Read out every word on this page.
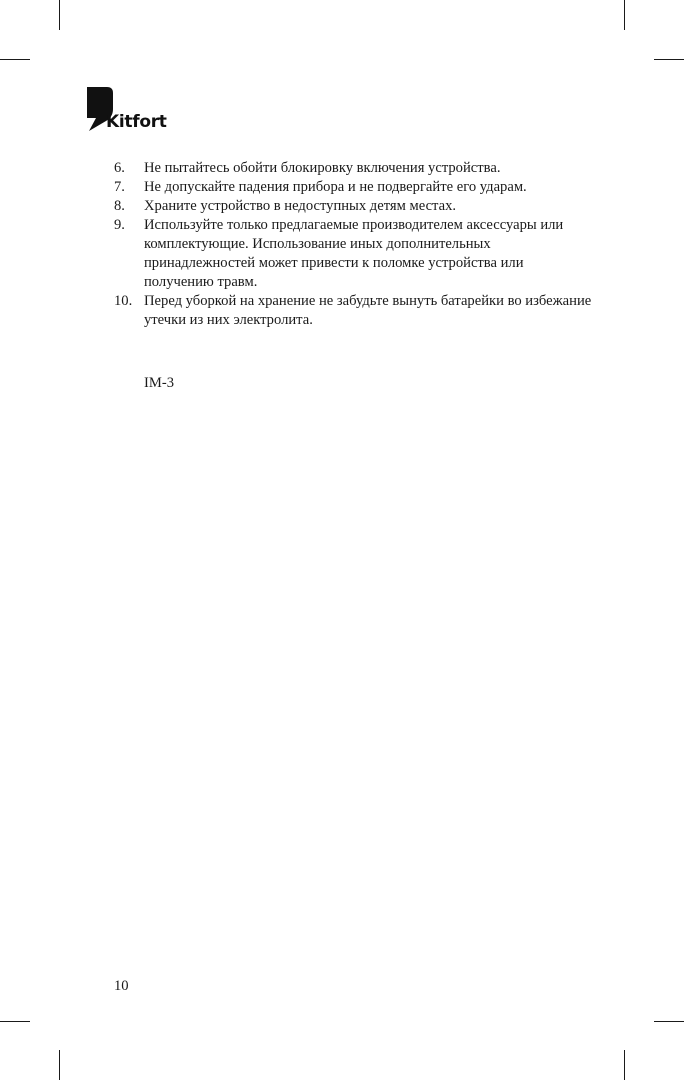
Kitfort
6. Не пытайтесь обойти блокировку включения устройства.
7. Не допускайте падения прибора и не подвергайте его ударам.
8. Храните устройство в недоступных детям местах.
9. Используйте только предлагаемые производителем аксессуары или комплектующие. Использование иных дополнительных принадлежностей может привести к поломке устройства или получению травм.
10. Перед уборкой на хранение не забудьте вынуть батарейки во избежание утечки из них электролита.
IM-3
10
